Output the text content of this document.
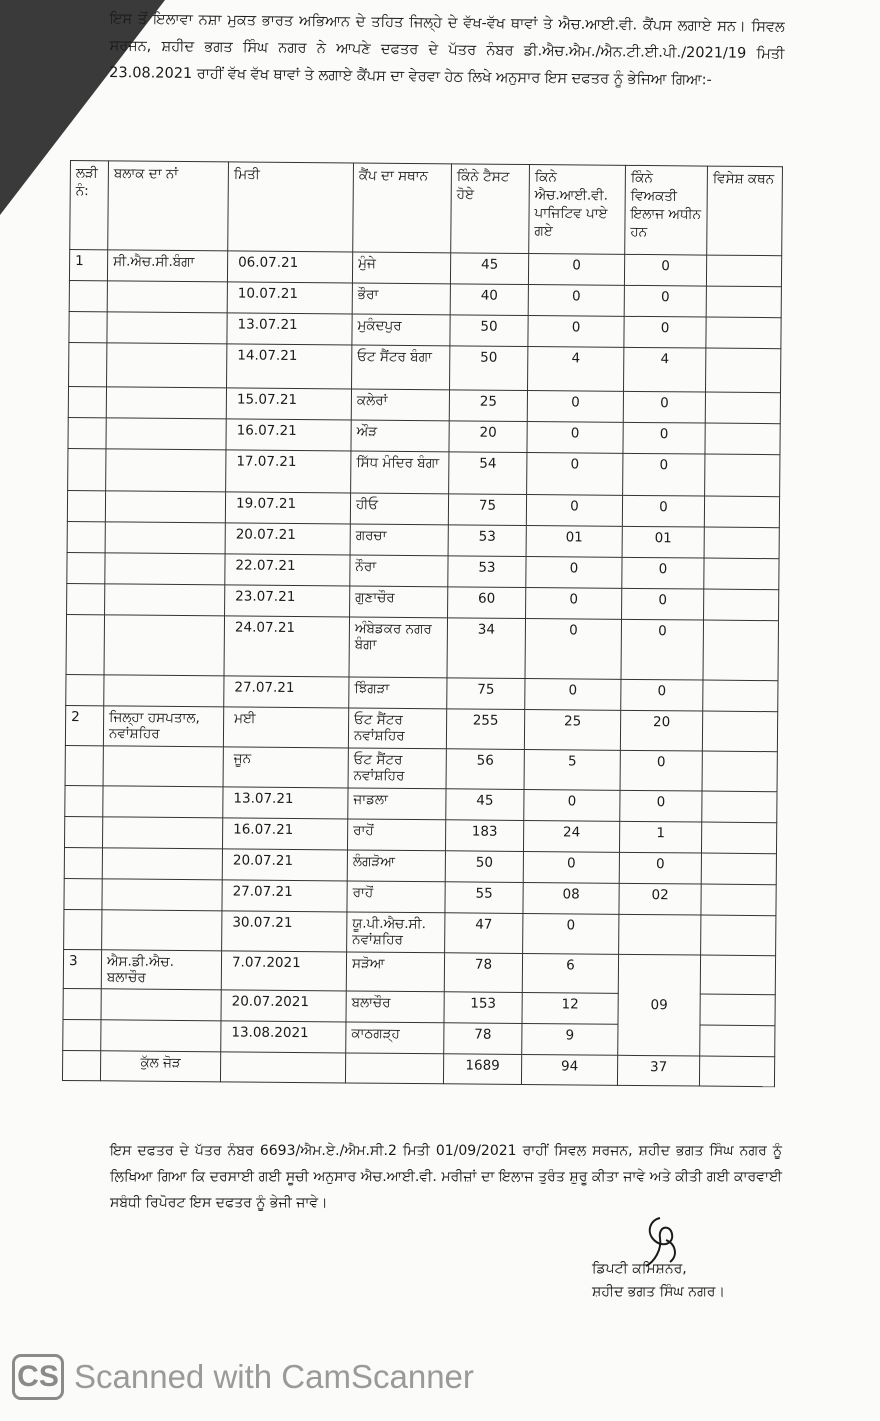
ਇਸ ਤੋਂ ਇਲਾਵਾ ਨਸ਼ਾ ਮੁਕਤ ਭਾਰਤ ਅਭਿਆਨ ਦੇ ਤਹਿਤ ਜਿਲ੍ਹੇ ਦੇ ਵੱਖ-ਵੱਖ ਥਾਵਾਂ ਤੇ ਐਚ.ਆਈ.ਵੀ. ਕੈਂਪਸ ਲਗਾਏ ਸਨ। ਸਿਵਲ ਸਰਜਨ, ਸ਼ਹੀਦ ਭਗਤ ਸਿੰਘ ਨਗਰ ਨੇ ਆਪਣੇ ਦਫਤਰ ਦੇ ਪੱਤਰ ਨੰਬਰ ਡੀ.ਐਚ.ਐਮ./ਐਨ.ਟੀ.ਈ.ਪੀ./2021/19 ਮਿਤੀ 23.08.2021 ਰਾਹੀਂ ਵੱਖ ਵੱਖ ਥਾਵਾਂ ਤੇ ਲਗਾਏ ਕੈਂਪਸ ਦਾ ਵੇਰਵਾ ਹੇਠ ਲਿਖੇ ਅਨੁਸਾਰ ਇਸ ਦਫਤਰ ਨੂੰ ਭੇਜਿਆ ਗਿਆ:-

ਲੜੀ ਨੰ:	ਬਲਾਕ ਦਾ ਨਾਂ	ਮਿਤੀ	ਕੈਂਪ ਦਾ ਸਥਾਨ	ਕਿੰਨੇ ਟੈਸਟ ਹੋਏ	ਕਿਨੇ ਐਚ.ਆਈ.ਵੀ. ਪਾਜਿਟਿਵ ਪਾਏ ਗਏ	ਕਿੰਨੇ ਵਿਅਕਤੀ ਇਲਾਜ ਅਧੀਨ ਹਨ	ਵਿਸੇਸ਼ ਕਥਨ
1	ਸੀ.ਐਚ.ਸੀ.ਬੰਗਾ	06.07.21	ਮੁੰਜੇ	45	0	0	
		10.07.21	ਭੌਰਾ	40	0	0	
		13.07.21	ਮੁਕੰਦਪੁਰ	50	0	0	
		14.07.21	ਓਟ ਸੈਂਟਰ ਬੰਗਾ	50	4	4	
		15.07.21	ਕਲੇਰਾਂ	25	0	0	
		16.07.21	ਔੜ	20	0	0	
		17.07.21	ਸਿੱਧ ਮੰਦਿਰ ਬੰਗਾ	54	0	0	
		19.07.21	ਹੀਓ	75	0	0	
		20.07.21	ਗਰਚਾ	53	01	01	
		22.07.21	ਨੌਰਾ	53	0	0	
		23.07.21	ਗੁਣਾਚੌਰ	60	0	0	
		24.07.21	ਅੰਬੇਡਕਰ ਨਗਰ ਬੰਗਾ	34	0	0	
		27.07.21	ਝਿੰਗੜਾ	75	0	0	
2	ਜਿਲ੍ਹਾ ਹਸਪਤਾਲ, ਨਵਾਂਸ਼ਹਿਰ	ਮਈ	ਓਟ ਸੈਂਟਰ ਨਵਾਂਸ਼ਹਿਰ	255	25	20	
		ਜੂਨ	ਓਟ ਸੈਂਟਰ ਨਵਾਂਸ਼ਹਿਰ	56	5	0	
		13.07.21	ਜਾਡਲਾ	45	0	0	
		16.07.21	ਰਾਹੋਂ	183	24	1	
		20.07.21	ਲੰਗੜੋਆ	50	0	0	
		27.07.21	ਰਾਹੋਂ	55	08	02	
		30.07.21	ਯੂ.ਪੀ.ਐਚ.ਸੀ. ਨਵਾਂਸ਼ਹਿਰ	47	0		
3	ਐਸ.ਡੀ.ਐਚ. ਬਲਾਚੌਰ	7.07.2021	ਸੜੋਆ	78	6	09	
		20.07.2021	ਬਲਾਚੌਰ	153	12		
		13.08.2021	ਕਾਠਗੜ੍ਹ	78	9		
	ਕੁੱਲ ਜੋੜ			1689	94	37	

ਇਸ ਦਫਤਰ ਦੇ ਪੱਤਰ ਨੰਬਰ 6693/ਐਮ.ਏ./ਐਮ.ਸੀ.2 ਮਿਤੀ 01/09/2021 ਰਾਹੀਂ ਸਿਵਲ ਸਰਜਨ, ਸ਼ਹੀਦ ਭਗਤ ਸਿੰਘ ਨਗਰ ਨੂੰ ਲਿਖਿਆ ਗਿਆ ਕਿ ਦਰਸਾਈ ਗਈ ਸੂਚੀ ਅਨੁਸਾਰ ਐਚ.ਆਈ.ਵੀ. ਮਰੀਜ਼ਾਂ ਦਾ ਇਲਾਜ ਤੁਰੰਤ ਸ਼ੁਰੂ ਕੀਤਾ ਜਾਵੇ ਅਤੇ ਕੀਤੀ ਗਈ ਕਾਰਵਾਈ ਸਬੰਧੀ ਰਿਪੋਰਟ ਇਸ ਦਫਤਰ ਨੂੰ ਭੇਜੀ ਜਾਵੇ।

ਡਿਪਟੀ ਕਮਿਸ਼ਨਰ,
ਸ਼ਹੀਦ ਭਗਤ ਸਿੰਘ ਨਗਰ।
CS Scanned with CamScanner
